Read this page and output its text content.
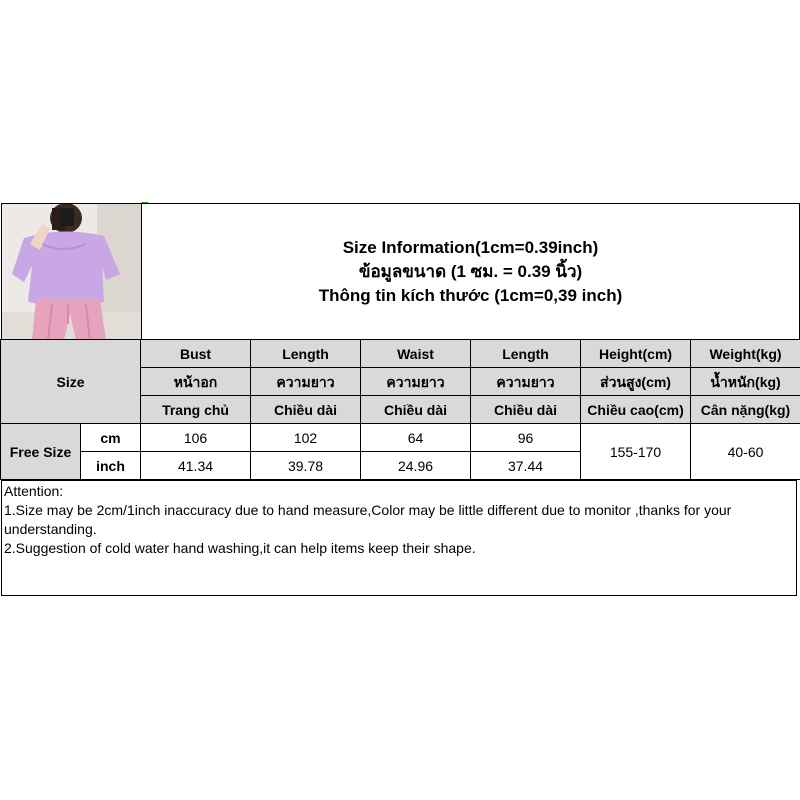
Size Information(1cm=0.39inch)
ข้อมูลขนาด (1 ซม. = 0.39 นิ้ว)
Thông tin kích thước (1cm=0,39 inch)
Size		Bust	Length	Waist	Length	Height(cm)	Weight(kg)
		หน้าอก	ความยาว	ความยาว	ความยาว	ส่วนสูง(cm)	น้ำหนัก(kg)
		Trang chủ	Chiều dài	Chiều dài	Chiều dài	Chiều cao(cm)	Cân nặng(kg)
Free Size	cm	106	102	64	96	155-170	40-60
	inch	41.34	39.78	24.96	37.44		
Attention:
1.Size may be 2cm/1inch inaccuracy due to hand measure,Color may be little different due to monitor ,thanks for your understanding.
2.Suggestion of cold water hand washing,it can help items keep their shape.
